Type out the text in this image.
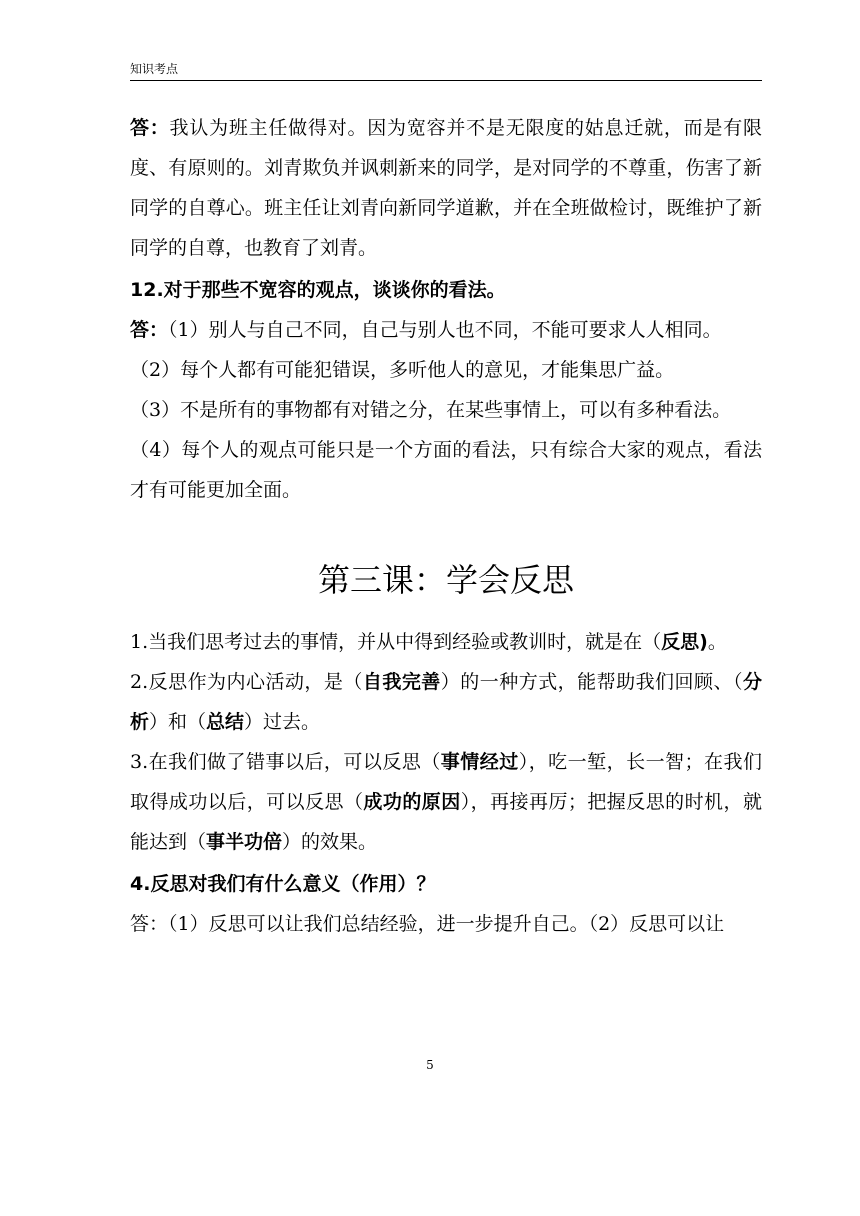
知识考点

答：我认为班主任做得对。因为宽容并不是无限度的姑息迁就，而是有限度、有原则的。刘青欺负并讽刺新来的同学，是对同学的不尊重，伤害了新同学的自尊心。班主任让刘青向新同学道歉，并在全班做检讨，既维护了新同学的自尊，也教育了刘青。

12.对于那些不宽容的观点，谈谈你的看法。

答：（1）别人与自己不同，自己与别人也不同，不能可要求人人相同。

（2）每个人都有可能犯错误，多听他人的意见，才能集思广益。

（3）不是所有的事物都有对错之分，在某些事情上，可以有多种看法。

（4）每个人的观点可能只是一个方面的看法，只有综合大家的观点，看法才有可能更加全面。

第三课：学会反思

1.当我们思考过去的事情，并从中得到经验或教训时，就是在（反思)。

2.反思作为内心活动，是（自我完善）的一种方式，能帮助我们回顾、（分析）和（总结）过去。

3.在我们做了错事以后，可以反思（事情经过），吃一堑，长一智；在我们取得成功以后，可以反思（成功的原因），再接再厉；把握反思的时机，就能达到（事半功倍）的效果。

4.反思对我们有什么意义（作用）？

答：（1）反思可以让我们总结经验，进一步提升自己。（2）反思可以让

5
